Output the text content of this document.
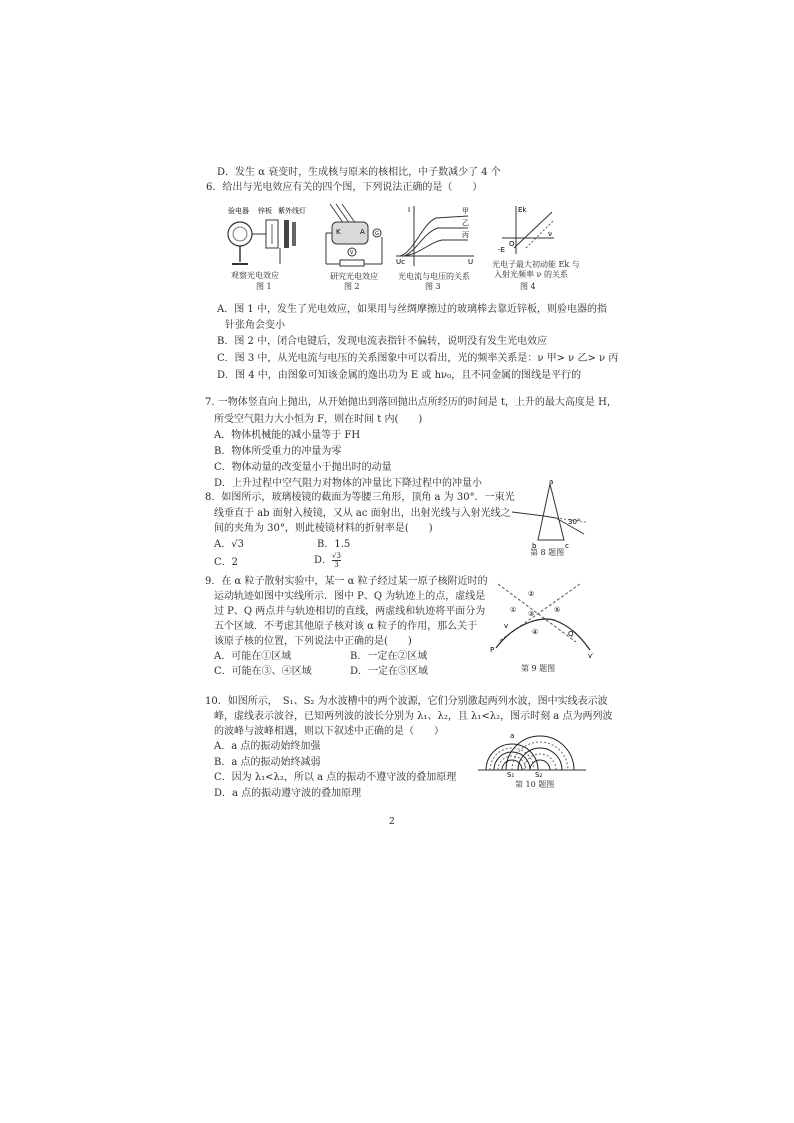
D．发生 α 衰变时，生成核与原来的核相比，中子数减少了 4 个
6．给出与光电效应有关的四个图，下列说法正确的是（　　）
验电器 锌板 紫外线灯
观察光电效应
图 1
K	A G
V
研究光电效应
图 2
I
U
Uc
甲
乙
丙
光电流与电压的关系
图 3
Ek
ν
O
-E
光电子最大初动能 Ek 与
入射光频率 ν 的关系
图 4
A．图 1 中，发生了光电效应，如果用与丝绸摩擦过的玻璃棒去靠近锌板，则验电器的指
针张角会变小
B．图 2 中，闭合电键后，发现电流表指针不偏转，说明没有发生光电效应
C．图 3 中，从光电流与电压的关系图象中可以看出，光的频率关系是：ν 甲> ν 乙> ν 丙
D．图 4 中，由图象可知该金属的逸出功为 E 或 hν₀，且不同金属的图线是平行的
7. 一物体竖直向上抛出，从开始抛出到落回抛出点所经历的时间是 t，上升的最大高度是 H，
所受空气阻力大小恒为 F，则在时间 t 内(　　)
A．物体机械能的减小量等于 FH
B．物体所受重力的冲量为零
C．物体动量的改变量小于抛出时的动量
D．上升过程中空气阻力对物体的冲量比下降过程中的冲量小
8．如图所示，玻璃棱镜的截面为等腰三角形，顶角 a 为 30°．一束光
线垂直于 ab 面射入棱镜，又从 ac 面射出，出射光线与入射光线之
间的夹角为 30°，则此棱镜材料的折射率是(　　)
A．√3	B．1.5
C．2	D． $\frac{√3}{3}$
a
b	c
30°
第 8 题图
9．在 α 粒子散射实验中，某一 α 粒子经过某一原子核附近时的
运动轨迹如图中实线所示．图中 P、Q 为轨迹上的点，虚线是
过 P、Q 两点并与轨迹相切的直线，两虚线和轨迹将平面分为
五个区域．不考虑其他原子核对该 α 粒子的作用，那么关于
该原子核的位置，下列说法中正确的是(　　)
A．可能在①区域	B．一定在②区域
C．可能在③、④区域	D．一定在⑤区域
②
① ③	⑤
④
P
Q
v
v′
第 9 题图
10．如图所示，　S₁、S₂ 为水波槽中的两个波源，它们分别激起两列水波，图中实线表示波
峰，虚线表示波谷，已知两列波的波长分别为 λ₁、λ₂，且 λ₁<λ₂，图示时刻 a 点为两列波
的波峰与波峰相遇，则以下叙述中正确的是（　　）
A．a 点的振动始终加强
B．a 点的振动始终减弱
C．因为 λ₁<λ₂，所以 a 点的振动不遵守波的叠加原理
D．a 点的振动遵守波的叠加原理
a
S₁	S₂
第 10 题图
2
